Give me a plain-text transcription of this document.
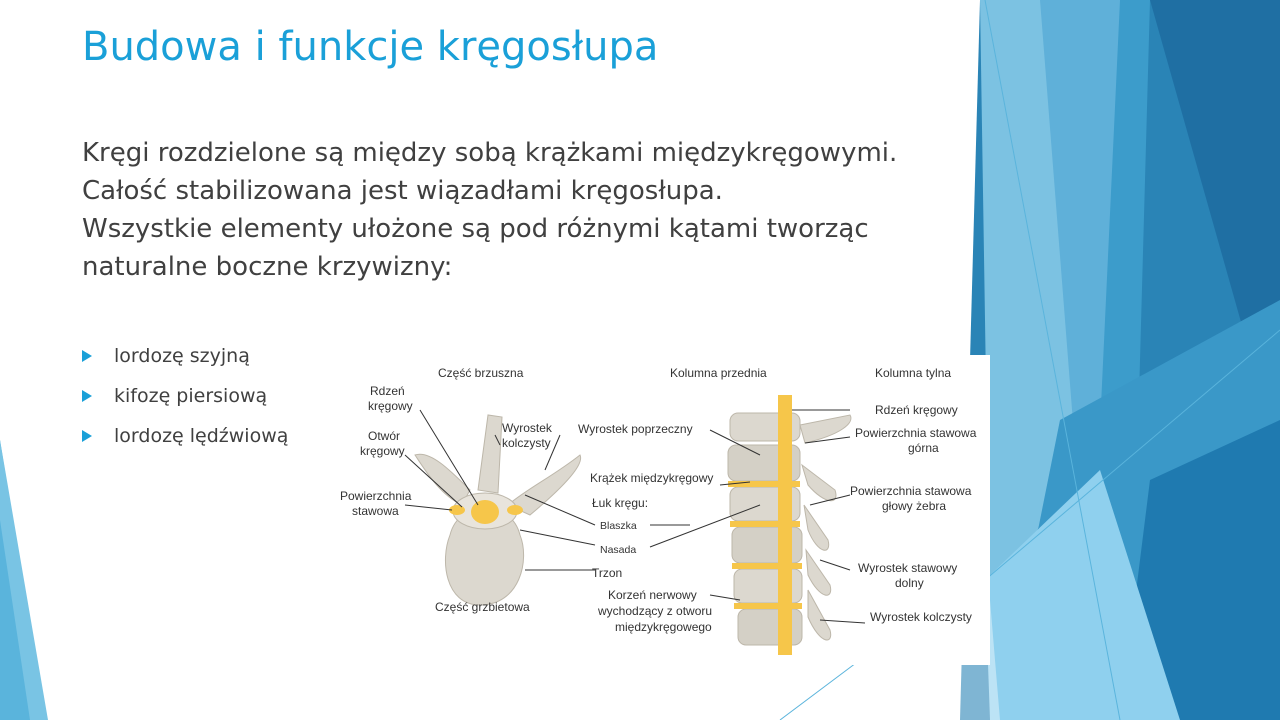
Budowa i funkcje kręgosłupa

Kręgi rozdzielone są między sobą krążkami międzykręgowymi. Całość stabilizowana jest wiązadłami kręgosłupa.

Wszystkie elementy ułożone są pod różnymi kątami tworząc naturalne boczne krzywizny:

lordozę szyjną
kifozę piersiową
lordozę lędźwiową
Część brzuszna
Część grzbietowa
Rdzeń
kręgowy
Otwór
kręgowy
Powierzchnia
stawowa
Wyrostek
kolczysty
Wyrostek poprzeczny
Krążek międzykręgowy
Łuk kręgu:
Blaszka
Nasada
Trzon
Korzeń nerwowy
wychodzący z otworu
międzykręgowego
Kolumna przednia	Kolumna tylna
Rdzeń kręgowy
Powierzchnia stawowa
górna
Powierzchnia stawowa
głowy żebra
Wyrostek stawowy
dolny
Wyrostek kolczysty
